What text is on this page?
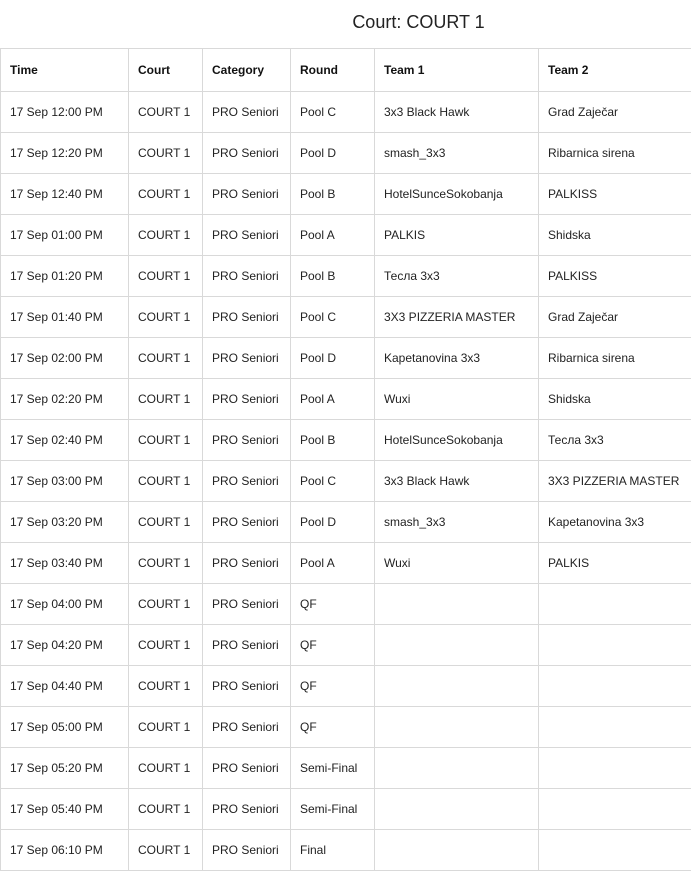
Court: COURT 1
Time	Court	Category	Round	Team 1	Team 2
17 Sep 12:00 PM	COURT 1	PRO Seniori	Pool C	3x3 Black Hawk	Grad Zaječar
17 Sep 12:20 PM	COURT 1	PRO Seniori	Pool D	smash_3x3	Ribarnica sirena
17 Sep 12:40 PM	COURT 1	PRO Seniori	Pool B	HotelSunceSokobanja	PALKISS
17 Sep 01:00 PM	COURT 1	PRO Seniori	Pool A	PALKIS	Shidska
17 Sep 01:20 PM	COURT 1	PRO Seniori	Pool B	Тесла 3x3	PALKISS
17 Sep 01:40 PM	COURT 1	PRO Seniori	Pool C	3X3 PIZZERIA MASTER	Grad Zaječar
17 Sep 02:00 PM	COURT 1	PRO Seniori	Pool D	Kapetanovina 3x3	Ribarnica sirena
17 Sep 02:20 PM	COURT 1	PRO Seniori	Pool A	Wuxi	Shidska
17 Sep 02:40 PM	COURT 1	PRO Seniori	Pool B	HotelSunceSokobanja	Тесла 3x3
17 Sep 03:00 PM	COURT 1	PRO Seniori	Pool C	3x3 Black Hawk	3X3 PIZZERIA MASTER
17 Sep 03:20 PM	COURT 1	PRO Seniori	Pool D	smash_3x3	Kapetanovina 3x3
17 Sep 03:40 PM	COURT 1	PRO Seniori	Pool A	Wuxi	PALKIS
17 Sep 04:00 PM	COURT 1	PRO Seniori	QF		
17 Sep 04:20 PM	COURT 1	PRO Seniori	QF		
17 Sep 04:40 PM	COURT 1	PRO Seniori	QF		
17 Sep 05:00 PM	COURT 1	PRO Seniori	QF		
17 Sep 05:20 PM	COURT 1	PRO Seniori	Semi-Final		
17 Sep 05:40 PM	COURT 1	PRO Seniori	Semi-Final		
17 Sep 06:10 PM	COURT 1	PRO Seniori	Final		
